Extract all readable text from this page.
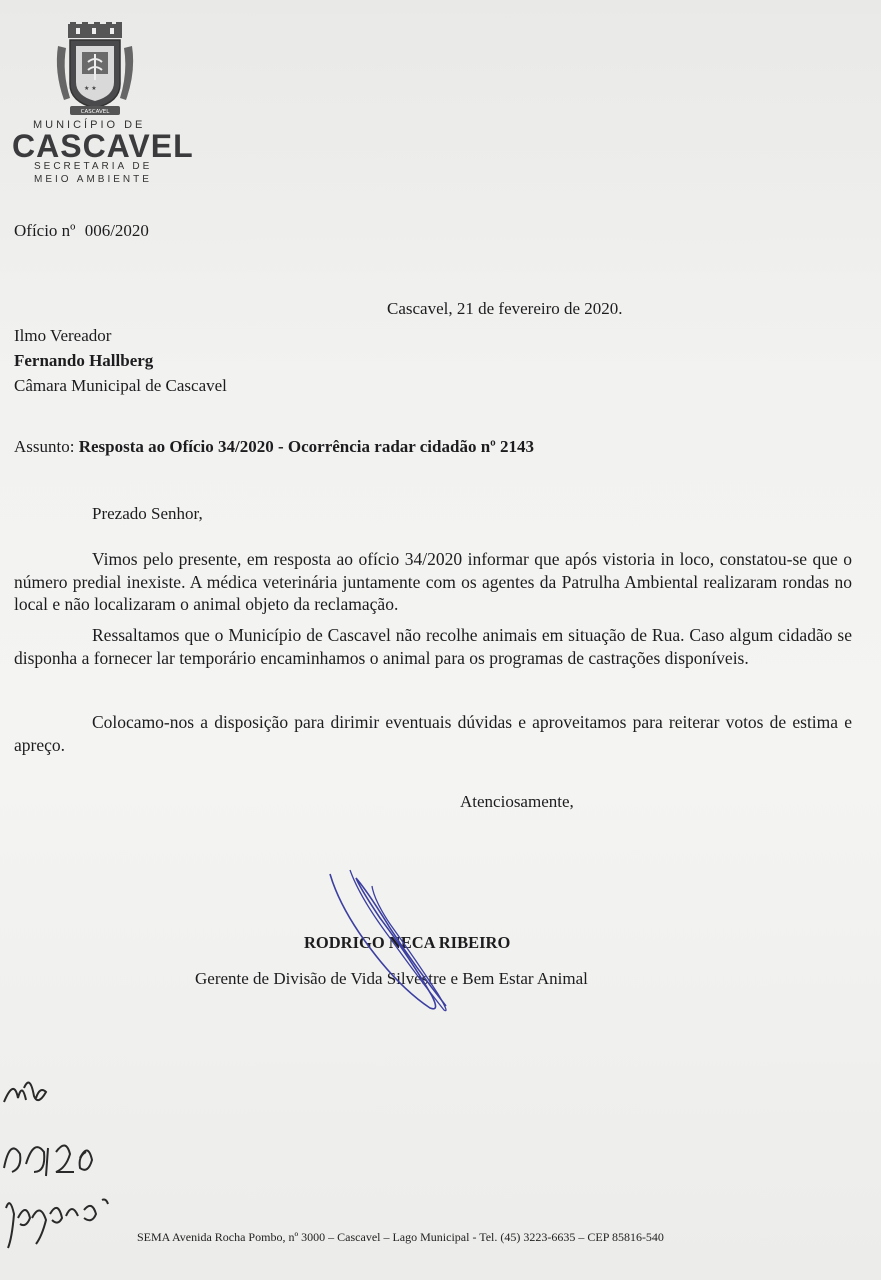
★ ★
CASCAVEL
MUNICÍPIO DE
CASCAVEL
SECRETARIA DE
MEIO AMBIENTE
Ofício nº 006/2020
Cascavel, 21 de fevereiro de 2020.
Ilmo Vereador
Fernando Hallberg
Câmara Municipal de Cascavel
Assunto: Resposta ao Ofício 34/2020 - Ocorrência radar cidadão nº 2143
Prezado Senhor,

Vimos pelo presente, em resposta ao ofício 34/2020 informar que após vistoria in loco, constatou-se que o número predial inexiste. A médica veterinária juntamente com os agentes da Patrulha Ambiental realizaram rondas no local e não localizaram o animal objeto da reclamação.

Ressaltamos que o Município de Cascavel não recolhe animais em situação de Rua. Caso algum cidadão se disponha a fornecer lar temporário encaminhamos o animal para os programas de castrações disponíveis.

Colocamo-nos a disposição para dirimir eventuais dúvidas e aproveitamos para reiterar votos de estima e apreço.

Atenciosamente,
RODRIGO NECA RIBEIRO
Gerente de Divisão de Vida Silvestre e Bem Estar Animal
SEMA Avenida Rocha Pombo, nº 3000 – Cascavel – Lago Municipal - Tel. (45) 3223-6635 – CEP 85816-540
